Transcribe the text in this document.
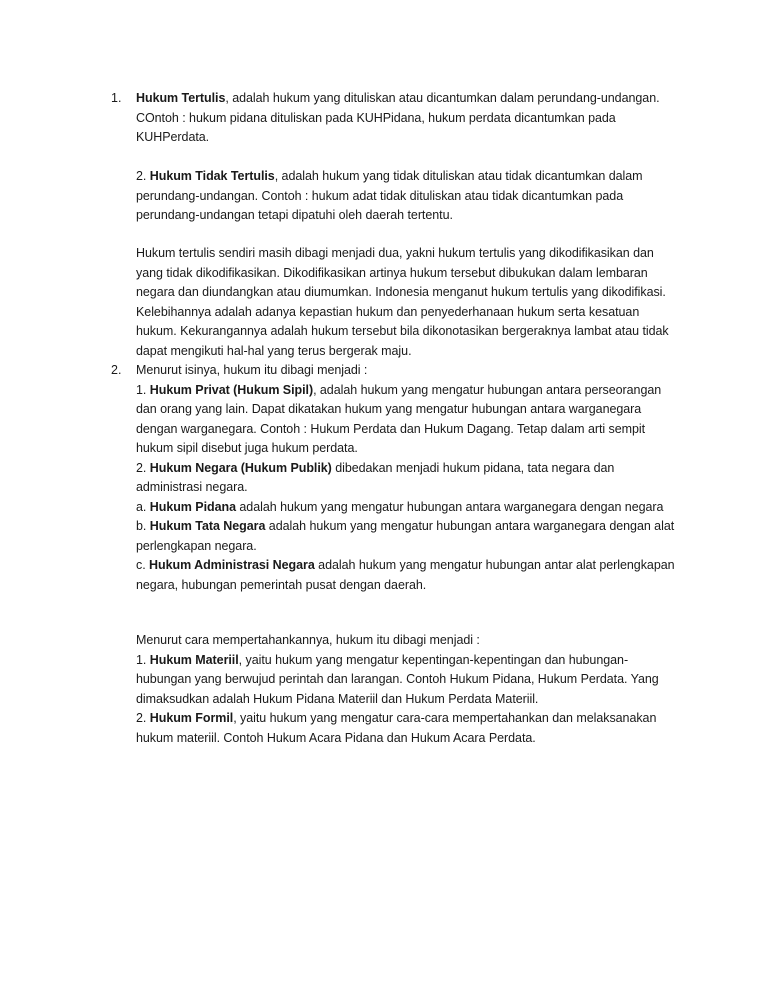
1. Hukum Tertulis, adalah hukum yang dituliskan atau dicantumkan dalam perundang-undangan. COntoh : hukum pidana dituliskan pada KUHPidana, hukum perdata dicantumkan pada KUHPerdata.

2. Hukum Tidak Tertulis, adalah hukum yang tidak dituliskan atau tidak dicantumkan dalam perundang-undangan. Contoh : hukum adat tidak dituliskan atau tidak dicantumkan pada perundang-undangan tetapi dipatuhi oleh daerah tertentu.

Hukum tertulis sendiri masih dibagi menjadi dua, yakni hukum tertulis yang dikodifikasikan dan yang tidak dikodifikasikan. Dikodifikasikan artinya hukum tersebut dibukukan dalam lembaran negara dan diundangkan atau diumumkan. Indonesia menganut hukum tertulis yang dikodifikasi. Kelebihannya adalah adanya kepastian hukum dan penyederhanaan hukum serta kesatuan hukum. Kekurangannya adalah hukum tersebut bila dikonotasikan bergeraknya lambat atau tidak dapat mengikuti hal-hal yang terus bergerak maju.

2. Menurut isinya, hukum itu dibagi menjadi :

1. Hukum Privat (Hukum Sipil), adalah hukum yang mengatur hubungan antara perseorangan dan orang yang lain. Dapat dikatakan hukum yang mengatur hubungan antara warganegara dengan warganegara. Contoh : Hukum Perdata dan Hukum Dagang. Tetap dalam arti sempit hukum sipil disebut juga hukum perdata.

2. Hukum Negara (Hukum Publik) dibedakan menjadi hukum pidana, tata negara dan administrasi negara.

a. Hukum Pidana adalah hukum yang mengatur hubungan antara warganegara dengan negara

b. Hukum Tata Negara adalah hukum yang mengatur hubungan antara warganegara dengan alat perlengkapan negara.

c. Hukum Administrasi Negara adalah hukum yang mengatur hubungan antar alat perlengkapan negara, hubungan pemerintah pusat dengan daerah.

Menurut cara mempertahankannya, hukum itu dibagi menjadi :

1. Hukum Materiil, yaitu hukum yang mengatur kepentingan-kepentingan dan hubungan-hubungan yang berwujud perintah dan larangan. Contoh Hukum Pidana, Hukum Perdata. Yang dimaksudkan adalah Hukum Pidana Materiil dan Hukum Perdata Materiil.

2. Hukum Formil, yaitu hukum yang mengatur cara-cara mempertahankan dan melaksanakan hukum materiil. Contoh Hukum Acara Pidana dan Hukum Acara Perdata.
